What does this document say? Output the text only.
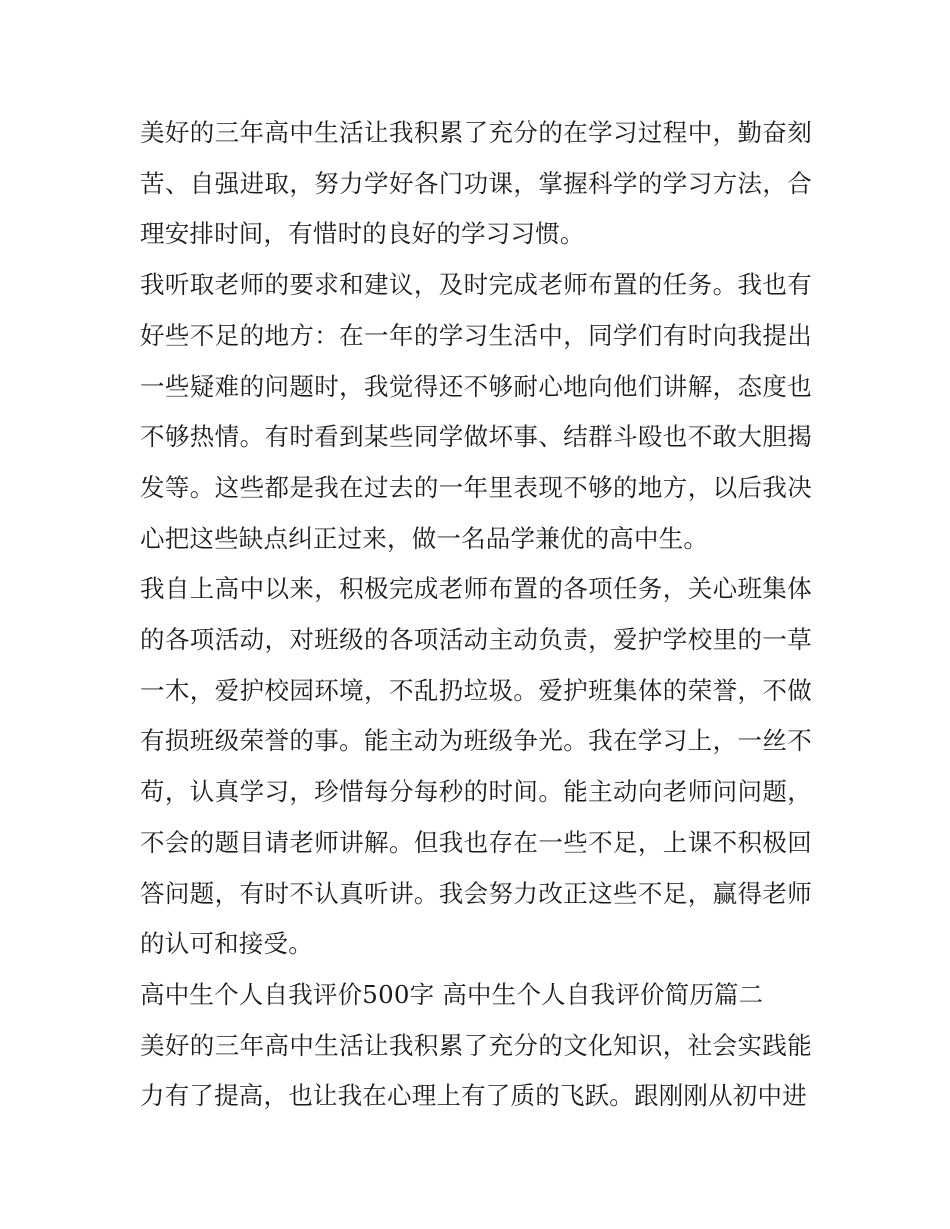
美好的三年高中生活让我积累了充分的在学习过程中，勤奋刻苦、自强进取，努力学好各门功课，掌握科学的学习方法，合理安排时间，有惜时的良好的学习习惯。

我听取老师的要求和建议，及时完成老师布置的任务。我也有好些不足的地方：在一年的学习生活中，同学们有时向我提出一些疑难的问题时，我觉得还不够耐心地向他们讲解，态度也不够热情。有时看到某些同学做坏事、结群斗殴也不敢大胆揭发等。这些都是我在过去的一年里表现不够的地方，以后我决心把这些缺点纠正过来，做一名品学兼优的高中生。

我自上高中以来，积极完成老师布置的各项任务，关心班集体的各项活动，对班级的各项活动主动负责，爱护学校里的一草一木，爱护校园环境，不乱扔垃圾。爱护班集体的荣誉，不做有损班级荣誉的事。能主动为班级争光。我在学习上，一丝不苟，认真学习，珍惜每分每秒的时间。能主动向老师问问题，不会的题目请老师讲解。但我也存在一些不足，上课不积极回答问题，有时不认真听讲。我会努力改正这些不足，赢得老师的认可和接受。

高中生个人自我评价500字 高中生个人自我评价简历篇二

美好的三年高中生活让我积累了充分的文化知识，社会实践能力有了提高，也让我在心理上有了质的飞跃。跟刚刚从初中进
